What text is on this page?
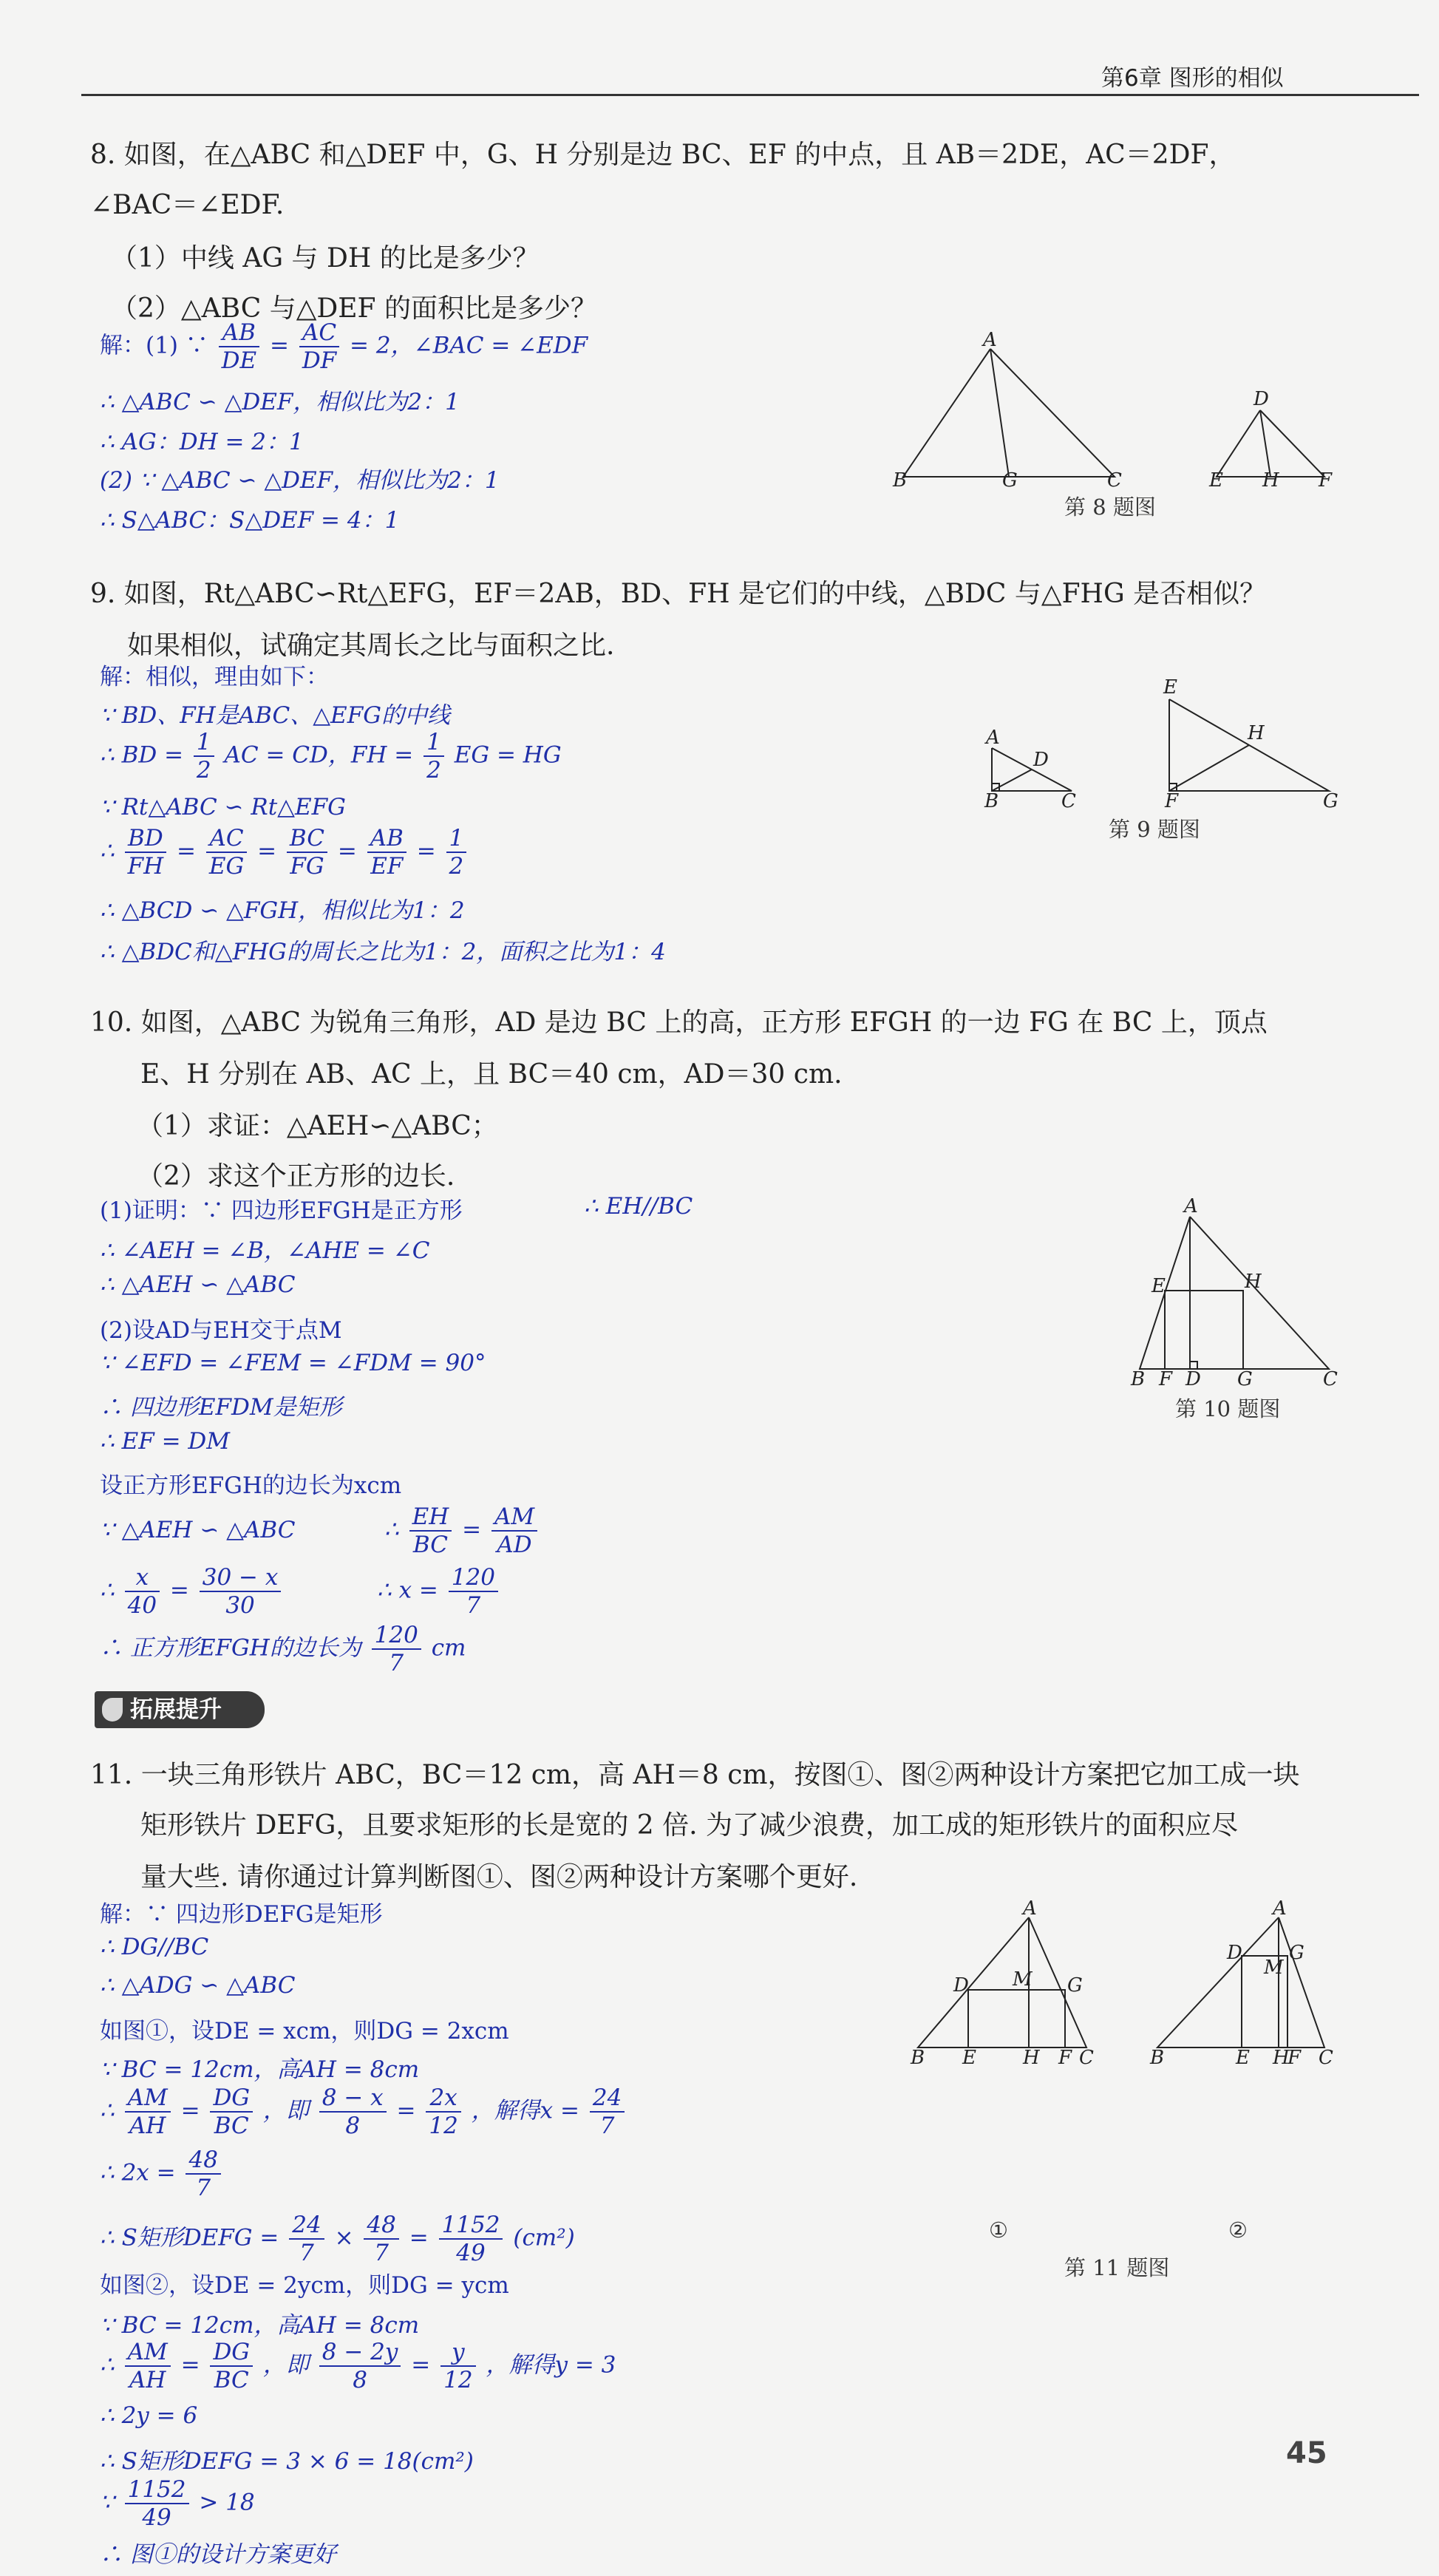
第6章 图形的相似
8. 如图，在△ABC 和△DEF 中，G、H 分别是边 BC、EF 的中点，且 AB＝2DE，AC＝2DF，
∠BAC＝∠EDF.
（1）中线 AG 与 DH 的比是多少？
（2）△ABC 与△DEF 的面积比是多少？
解：(1) ∵ $\frac{AB}{DE} = \frac{AC}{DF} = 2$，∠BAC = ∠EDF
∴ △ABC ∽ △DEF，相似比为2：1
∴ AG：DH = 2：1
(2) ∵ △ABC ∽ △DEF，相似比为2：1
∴ S△ABC：S△DEF = 4：1
A
B	G	C
D
E H F
第 8 题图
9. 如图，Rt△ABC∽Rt△EFG，EF＝2AB，BD、FH 是它们的中线，△BDC 与△FHG 是否相似？
如果相似，试确定其周长之比与面积之比.
解：相似，理由如下：
∵ BD、FH是ABC、△EFG的中线
∴ BD = $\frac{1}{2}$ AC = CD，FH = $\frac{1}{2}$ EG = HG
∵ Rt△ABC ∽ Rt△EFG
∴ $\frac{BD}{FH} = \frac{AC}{EG} = \frac{BC}{FG} = \frac{AB}{EF} = \frac{1}{2}$
∴ △BCD ∽ △FGH，相似比为1：2
∴ △BDC和△FHG的周长之比为1：2，面积之比为1：4
A
D
B	C
E
H
F	G
第 9 题图
10. 如图，△ABC 为锐角三角形，AD 是边 BC 上的高，正方形 EFGH 的一边 FG 在 BC 上，顶点
E、H 分别在 AB、AC 上，且 BC＝40 cm，AD＝30 cm.
（1）求证：△AEH∽△ABC；
（2）求这个正方形的边长.
(1)证明：∵ 四边形EFGH是正方形	∴ EH//BC
∴ ∠AEH = ∠B，∠AHE = ∠C
∴ △AEH ∽ △ABC
(2)设AD与EH交于点M
∵ ∠EFD = ∠FEM = ∠FDM = 90°
∴ 四边形EFDM是矩形
∴ EF = DM
设正方形EFGH的边长为xcm
∵ △AEH ∽ △ABC	∴ $\frac{EH}{BC} = \frac{AM}{AD}$
∴ $\frac{x}{40} = \frac{30 - x}{30}$	∴ $x = \frac{120}{7}$
∴ 正方形EFGH的边长为 $\frac{120}{7}$ cm
A
E	H
B F D G	C
第 10 题图
拓展提升
11. 一块三角形铁片 ABC，BC＝12 cm，高 AH＝8 cm，按图①、图②两种设计方案把它加工成一块
矩形铁片 DEFG，且要求矩形的长是宽的 2 倍. 为了减少浪费，加工成的矩形铁片的面积应尽
量大些. 请你通过计算判断图①、图②两种设计方案哪个更好.
解：∵ 四边形DEFG是矩形
∴ DG//BC
∴ △ADG ∽ △ABC
如图①，设DE = xcm，则DG = 2xcm
∵ BC = 12cm，高AH = 8cm
∴ $\frac{AM}{AH} = \frac{DG}{BC}$ ，即 $\frac{8 - x}{8} = \frac{2x}{12}$ ，解得$x = \frac{24}{7}$
∴ $2x = \frac{48}{7}$
∴ S矩形DEFG = $\frac{24}{7} \times \frac{48}{7} = \frac{1152}{49} (cm^2)$
如图②，设DE = 2ycm，则DG = ycm
∵ BC = 12cm，高AH = 8cm
∴ $\frac{AM}{AH} = \frac{DG}{BC}$ ，即 $\frac{8 - 2y}{8} = \frac{y}{12}$ ，解得y = 3
∴ 2y = 6
∴ S矩形DEFG = 3 × 6 = 18(cm²)
∵ $\frac{1152}{49} > 18$
∴ 图①的设计方案更好
A
D M G
B E H F C
A
D
M
G
B	E H
F C
①	②
第 11 题图
45
